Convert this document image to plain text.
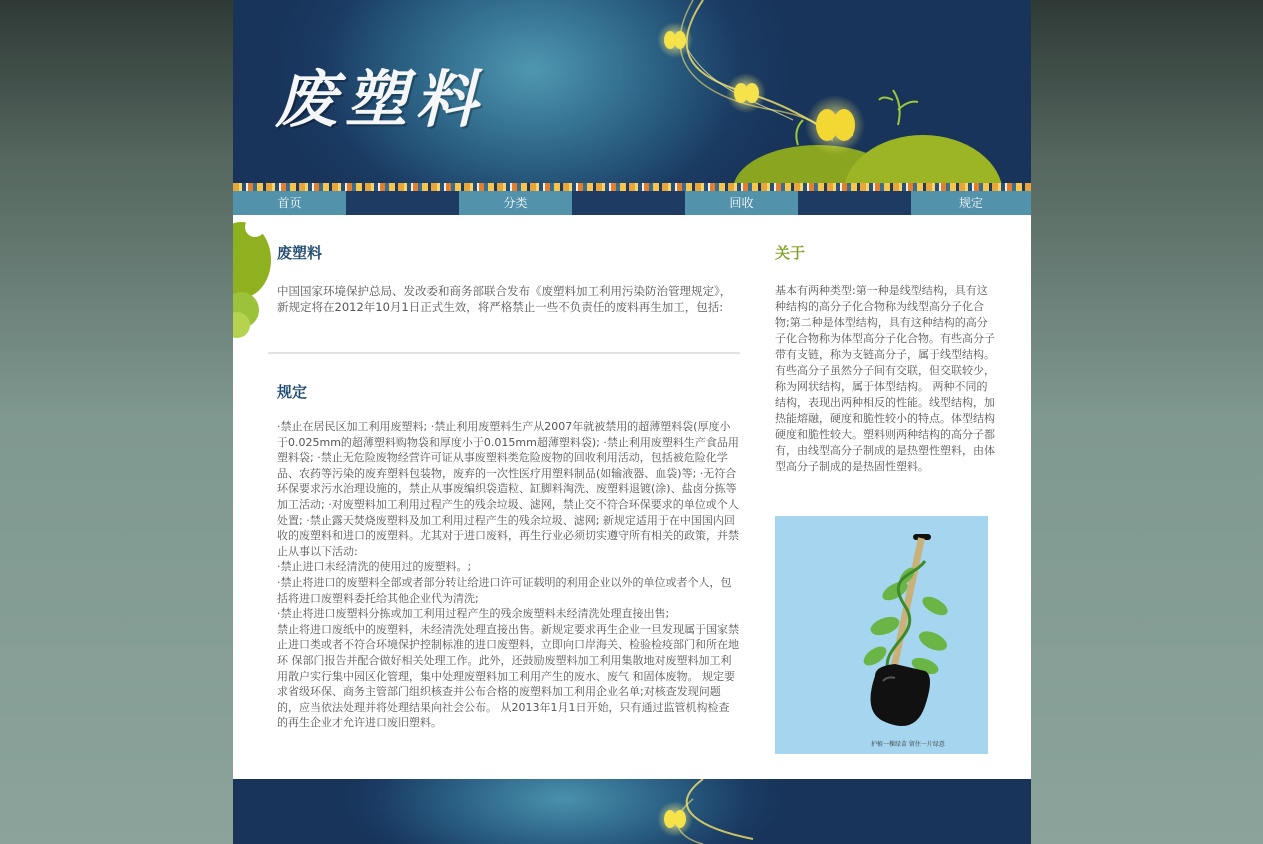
废塑料
首页	分类	回收	规定
废塑料

中国国家环境保护总局、发改委和商务部联合发布《废塑料加工利用污染防治管理规定》，新规定将在2012年10月1日正式生效，将严格禁止一些不负责任的废料再生加工，包括:

规定
·禁止在居民区加工利用废塑料; ·禁止利用废塑料生产从2007年就被禁用的超薄塑料袋(厚度小于0.025mm的超薄塑料购物袋和厚度小于0.015mm超薄塑料袋); ·禁止利用废塑料生产食品用塑料袋; ·禁止无危险废物经营许可证从事废塑料类危险废物的回收利用活动，包括被危险化学品、农药等污染的废弃塑料包装物，废弃的一次性医疗用塑料制品(如输液器、血袋)等; ·无符合环保要求污水治理设施的，禁止从事废编织袋造粒、缸脚料淘洗、废塑料退镀(涂)、盐卤分拣等加工活动; ·对废塑料加工利用过程产生的残余垃圾、滤网，禁止交不符合环保要求的单位或个人处置; ·禁止露天焚烧废塑料及加工利用过程产生的残余垃圾、滤网; 新规定适用于在中国国内回收的废塑料和进口的废塑料。尤其对于进口废料，再生行业必须切实遵守所有相关的政策，并禁止从事以下活动:
·禁止进口未经清洗的使用过的废塑料。;
·禁止将进口的废塑料全部或者部分转让给进口许可证载明的利用企业以外的单位或者个人，包括将进口废塑料委托给其他企业代为清洗;
·禁止将进口废塑料分拣或加工利用过程产生的残余废塑料未经清洗处理直接出售;
禁止将进口废纸中的废塑料，未经清洗处理直接出售。新规定要求再生企业一旦发现属于国家禁止进口类或者不符合环境保护控制标准的进口废塑料，立即向口岸海关、检验检疫部门和所在地环 保部门报告并配合做好相关处理工作。此外，还鼓励废塑料加工利用集散地对废塑料加工利用散户实行集中园区化管理，集中处理废塑料加工利用产生的废水、废气 和固体废物。 规定要求省级环保、商务主管部门组织核查并公布合格的废塑料加工利用企业名单;对核查发现问题的，应当依法处理并将处理结果向社会公布。 从2013年1月1日开始，只有通过监管机构检查的再生企业才允许进口废旧塑料。
关于

基本有两种类型:第一种是线型结构，具有这种结构的高分子化合物称为线型高分子化合物;第二种是体型结构，具有这种结构的高分子化合物称为体型高分子化合物。有些高分子带有支链，称为支链高分子，属于线型结构。有些高分子虽然分子间有交联，但交联较少，称为网状结构，属于体型结构。 两种不同的结构，表现出两种相反的性能。线型结构，加热能熔融，硬度和脆性较小的特点。体型结构硬度和脆性较大。塑料则两种结构的高分子都有，由线型高分子制成的是热塑性塑料，由体型高分子制成的是热固性塑料。

护植一棵绿苗 留住一片绿意
